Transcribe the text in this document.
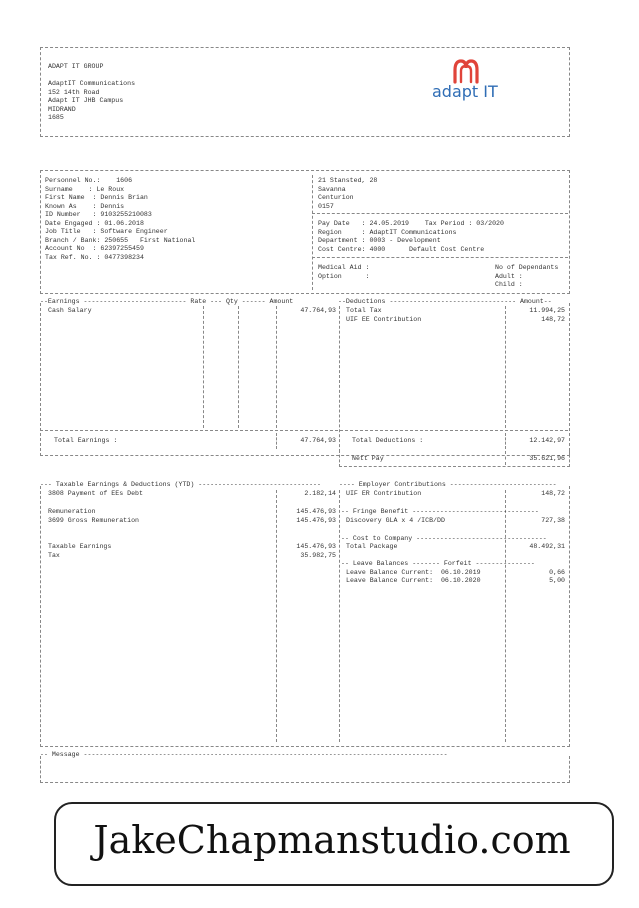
ADAPT IT GROUP
AdaptIT Communications
152 14th Road
Adapt IT JHB Campus
MIDRAND
1685
adapt IT
Personnel No.:    1606
Surname    : Le Roux
First Name  : Dennis Brian
Known As    : Dennis
ID Number   : 9103255210083
Date Engaged : 01.06.2018
Job Title   : Software Engineer
Branch / Bank: 250655   First National
Account No  : 62397255459
Tax Ref. No. : 0477398234
21 Stansted, 28
Savanna
Centurion
0157
Pay Date   : 24.05.2019    Tax Period : 03/2020
Region     : AdaptIT Communications
Department : 0003 - Development
Cost Centre: 4000      Default Cost Centre
Medical Aid :
Option      :
No of Dependants
Adult :
Child :
--Earnings -------------------------- Rate --- Qty ------ Amount	--Deductions -------------------------------- Amount--
Cash Salary	47.764,93 Total Tax	11.994,25
UIF EE Contribution	148,72
Total Earnings :	47.764,93 Total Deductions :	12.142,97
Nett Pay	35.621,96
--- Taxable Earnings & Deductions (YTD) -------------------------------	---- Employer Contributions ---------------------------
3808 Payment of EEs Debt	2.182,14
Remuneration	145.476,93
3699 Gross Remuneration	145.476,93
Taxable Earnings	145.476,93
Tax	35.982,75
UIF ER Contribution	148,72
-- Fringe Benefit --------------------------------
Discovery GLA x 4 /ICB/DD	727,38
-- Cost to Company ---------------------------------
Total Package	48.492,31
-- Leave Balances ------- Forfeit ---------------
Leave Balance Current:  06.10.2019	0,66
Leave Balance Current:  06.10.2020	5,00
-- Message --------------------------------------------------------------------------------------------
JakeChapmanstudio.com
